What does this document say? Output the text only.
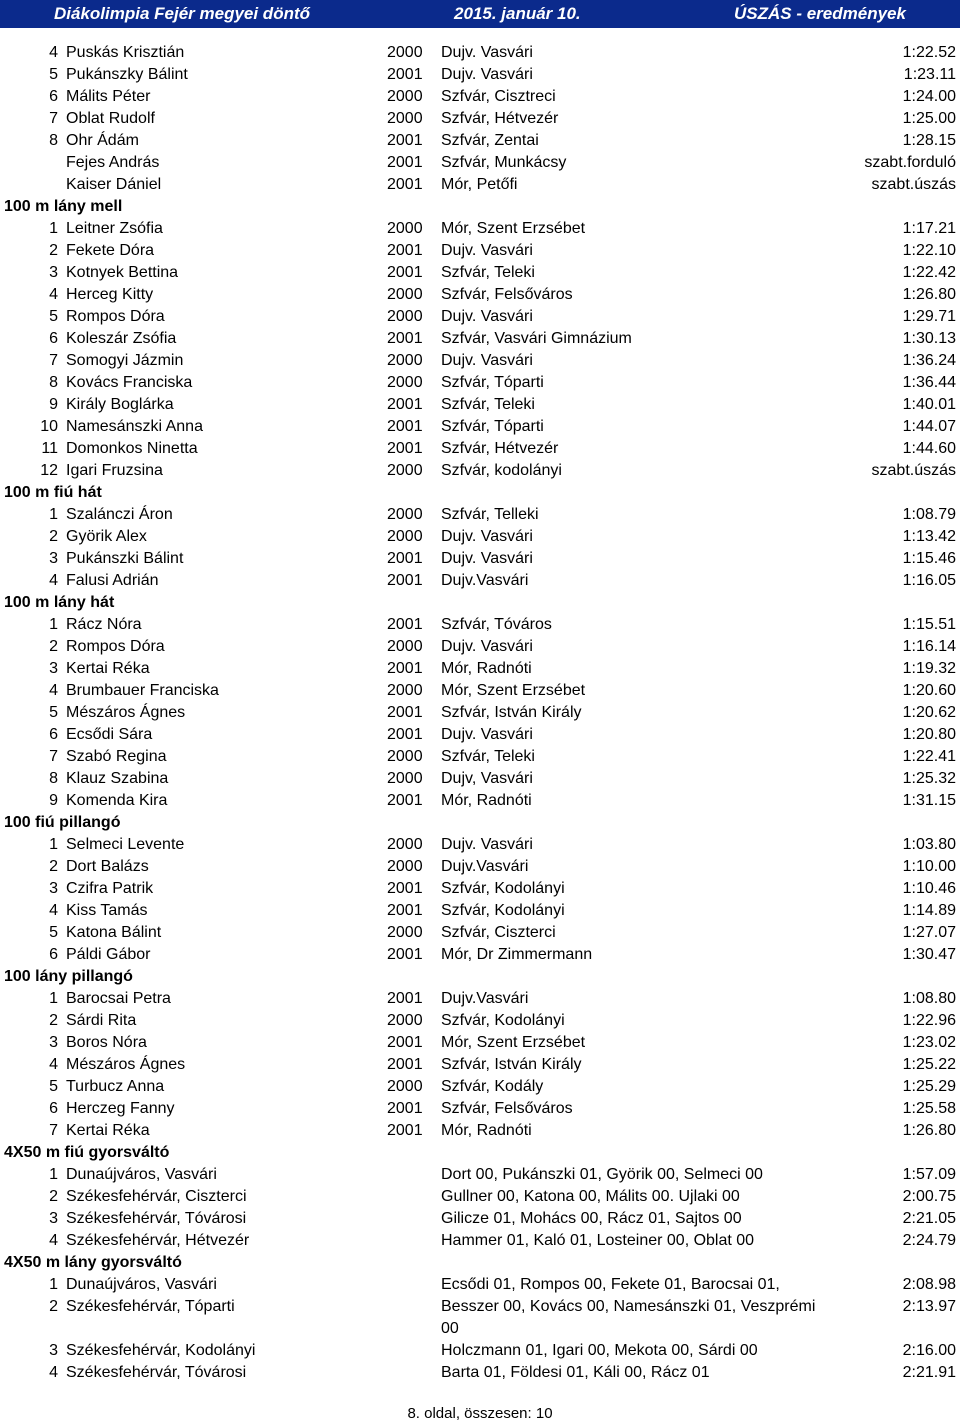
Diákolimpia Fejér megyei döntő	2015. január 10.	ÚSZÁS - eredmények
4 Puskás Krisztián	2000 Dujv. Vasvári	1:22.52
5 Pukánszky Bálint	2001 Dujv. Vasvári	1:23.11
6 Málits Péter	2000 Szfvár, Cisztreci	1:24.00
7 Oblat Rudolf	2000 Szfvár, Hétvezér	1:25.00
8 Ohr Ádám	2001 Szfvár, Zentai	1:28.15
Fejes András	2001 Szfvár, Munkácsy	szabt.forduló
Kaiser Dániel	2001 Mór, Petőfi	szabt.úszás
100 m lány mell
1 Leitner Zsófia	2000 Mór, Szent Erzsébet	1:17.21
2 Fekete Dóra	2001 Dujv. Vasvári	1:22.10
3 Kotnyek Bettina	2001 Szfvár, Teleki	1:22.42
4 Herceg Kitty	2000 Szfvár, Felsőváros	1:26.80
5 Rompos Dóra	2000 Dujv. Vasvári	1:29.71
6 Koleszár Zsófia	2001 Szfvár, Vasvári Gimnázium	1:30.13
7 Somogyi Jázmin	2000 Dujv. Vasvári	1:36.24
8 Kovács Franciska	2000 Szfvár, Tóparti	1:36.44
9 Király Boglárka	2001 Szfvár, Teleki	1:40.01
10 Namesánszki Anna	2001 Szfvár, Tóparti	1:44.07
11 Domonkos Ninetta	2001 Szfvár, Hétvezér	1:44.60
12 Igari Fruzsina	2000 Szfvár, kodolányi	szabt.úszás
100 m fiú hát
1 Szalánczi Áron	2000 Szfvár, Telleki	1:08.79
2 Györik Alex	2000 Dujv. Vasvári	1:13.42
3 Pukánszki Bálint	2001 Dujv. Vasvári	1:15.46
4 Falusi Adrián	2001 Dujv.Vasvári	1:16.05
100 m lány hát
1 Rácz Nóra	2001 Szfvár, Tóváros	1:15.51
2 Rompos Dóra	2000 Dujv. Vasvári	1:16.14
3 Kertai Réka	2001 Mór, Radnóti	1:19.32
4 Brumbauer Franciska	2000 Mór, Szent Erzsébet	1:20.60
5 Mészáros Ágnes	2001 Szfvár, István Király	1:20.62
6 Ecsődi Sára	2001 Dujv. Vasvári	1:20.80
7 Szabó Regina	2000 Szfvár, Teleki	1:22.41
8 Klauz Szabina	2000 Dujv, Vasvári	1:25.32
9 Komenda Kira	2001 Mór, Radnóti	1:31.15
100 fiú pillangó
1 Selmeci Levente	2000 Dujv. Vasvári	1:03.80
2 Dort Balázs	2000 Dujv.Vasvári	1:10.00
3 Czifra Patrik	2001 Szfvár, Kodolányi	1:10.46
4 Kiss Tamás	2001 Szfvár, Kodolányi	1:14.89
5 Katona Bálint	2000 Szfvár, Ciszterci	1:27.07
6 Páldi Gábor	2001 Mór, Dr Zimmermann	1:30.47
100 lány pillangó
1 Barocsai Petra	2001 Dujv.Vasvári	1:08.80
2 Sárdi Rita	2000 Szfvár, Kodolányi	1:22.96
3 Boros Nóra	2001 Mór, Szent Erzsébet	1:23.02
4 Mészáros Ágnes	2001 Szfvár, István Király	1:25.22
5 Turbucz Anna	2000 Szfvár, Kodály	1:25.29
6 Herczeg Fanny	2001 Szfvár, Felsőváros	1:25.58
7 Kertai Réka	2001 Mór, Radnóti	1:26.80
4X50 m fiú gyorsváltó
1 Dunaújváros, Vasvári	Dort 00, Pukánszki 01, Györik 00, Selmeci 00	1:57.09
2 Székesfehérvár, Ciszterci	Gullner 00, Katona 00, Málits 00. Ujlaki 00	2:00.75
3 Székesfehérvár, Tóvárosi	Gilicze 01, Mohács 00, Rácz 01, Sajtos 00	2:21.05
4 Székesfehérvár, Hétvezér	Hammer 01, Kaló 01, Losteiner 00, Oblat 00	2:24.79
4X50 m lány gyorsváltó
1 Dunaújváros, Vasvári	Ecsődi 01, Rompos 00, Fekete 01, Barocsai 01,	2:08.98
2 Székesfehérvár, Tóparti	Besszer 00, Kovács 00, Namesánszki 01, Veszprémi	2:13.97
00
3 Székesfehérvár, Kodolányi	Holczmann 01, Igari 00, Mekota 00, Sárdi 00	2:16.00
4 Székesfehérvár, Tóvárosi	Barta 01, Földesi 01, Káli 00, Rácz 01	2:21.91
8. oldal, összesen: 10
